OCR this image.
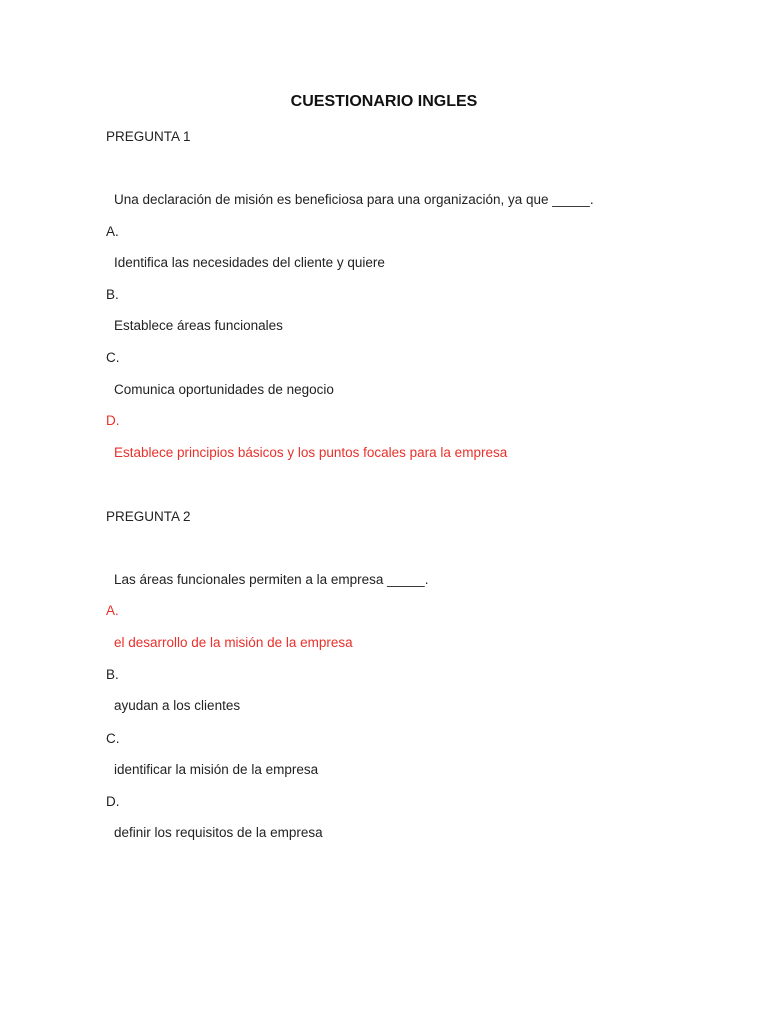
CUESTIONARIO INGLES
PREGUNTA 1
Una declaración de misión es beneficiosa para una organización, ya que _____.
A.
Identifica las necesidades del cliente y quiere
B.
Establece áreas funcionales
C.
Comunica oportunidades de negocio
D.
Establece principios básicos y los puntos focales para la empresa
PREGUNTA 2
Las áreas funcionales permiten a la empresa _____.
A.
el desarrollo de la misión de la empresa
B.
ayudan a los clientes
C.
identificar la misión de la empresa
D.
definir los requisitos de la empresa
